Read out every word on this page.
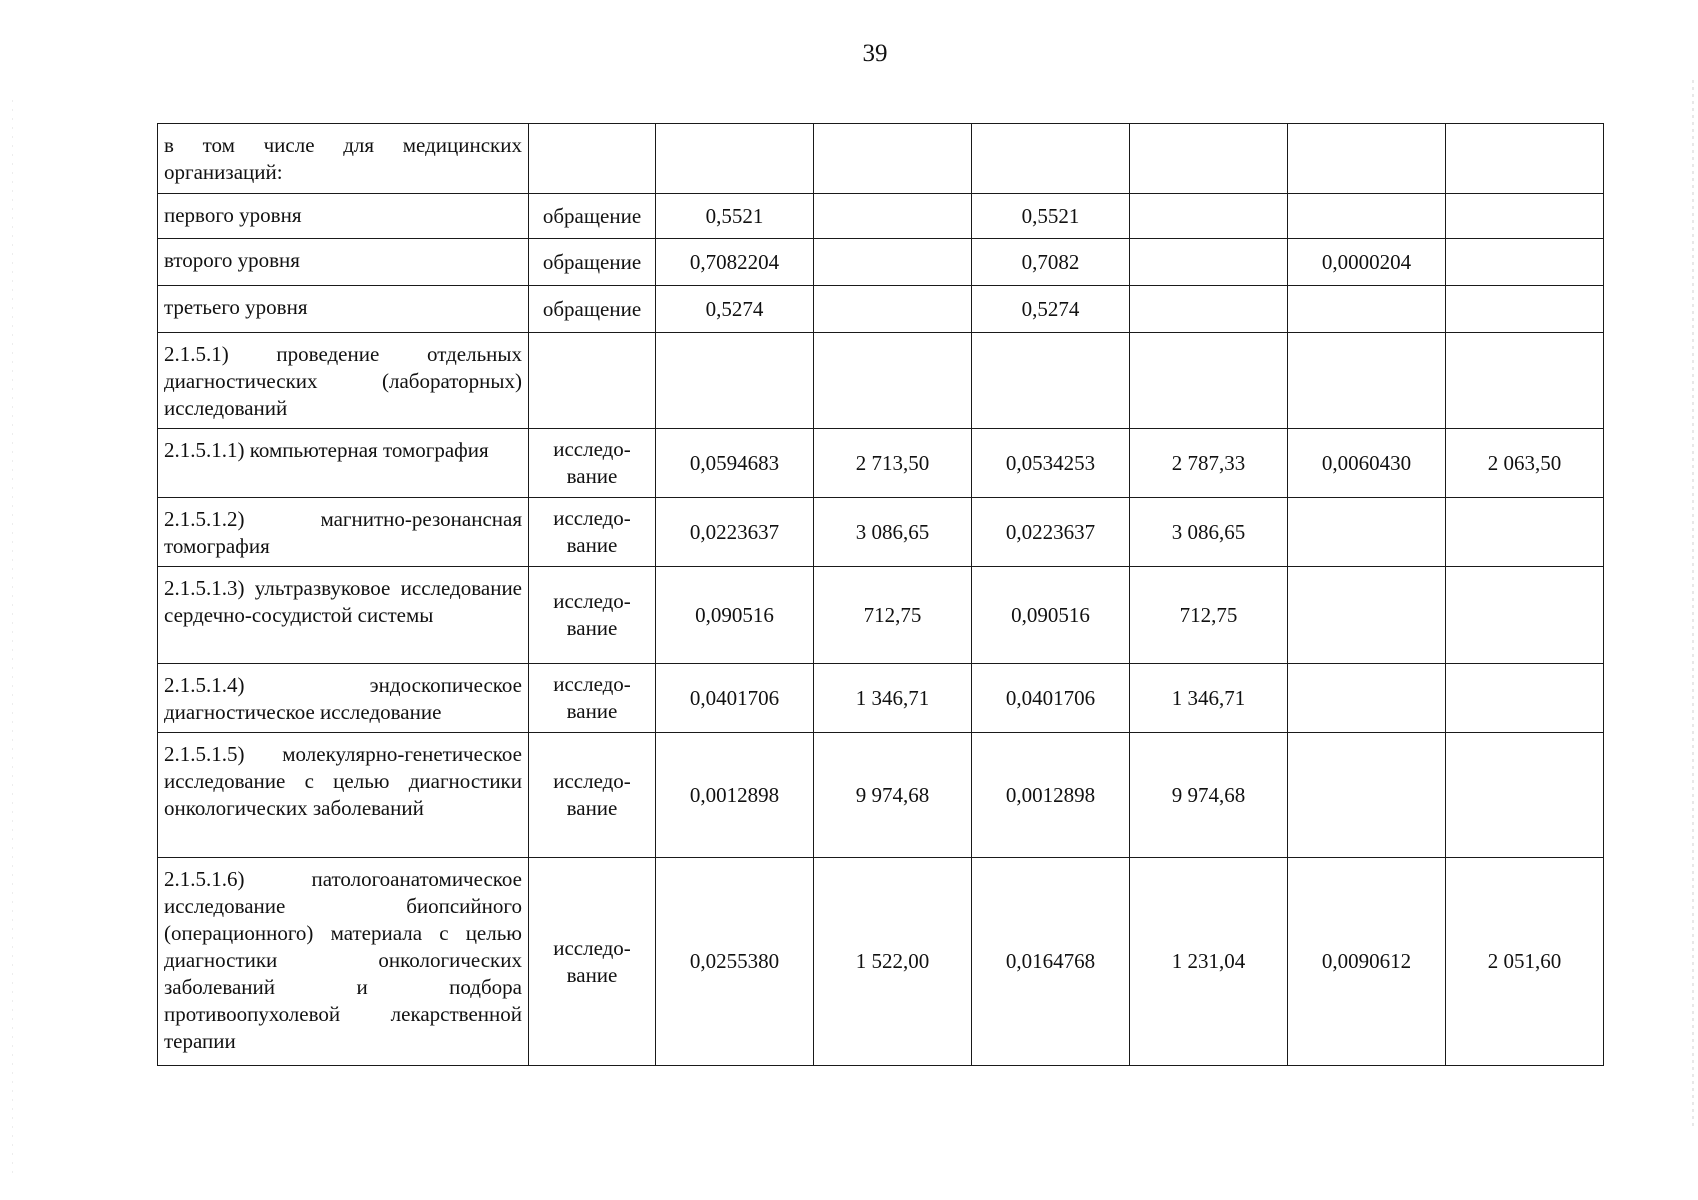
39
в том числе для медицинских организаций:							

первого уровня	обращение	0,5521		0,5521			

второго уровня	обращение	0,7082204		0,7082		0,0000204	

третьего уровня	обращение	0,5274		0,5274			

2.1.5.1) проведение отдельных диагностических (лабораторных) исследований							

2.1.5.1.1) компьютерная томография	исследо-вание	0,0594683	2 713,50	0,0534253	2 787,33	0,0060430	2 063,50

2.1.5.1.2) магнитно-резонансная томография	исследо-вание	0,0223637	3 086,65	0,0223637	3 086,65		

2.1.5.1.3) ультразвуковое исследование сердечно-сосудистой системы	исследо-вание	0,090516	712,75	0,090516	712,75		

2.1.5.1.4) эндоскопическое диагностическое исследование	исследо-вание	0,0401706	1 346,71	0,0401706	1 346,71		

2.1.5.1.5) молекулярно-генетическое исследование с целью диагностики онкологических заболеваний	исследо-вание	0,0012898	9 974,68	0,0012898	9 974,68		

2.1.5.1.6) патологоанатомическое исследование биопсийного (операционного) материала с целью диагностики онкологических заболеваний и подбора противоопухолевой лекарственной терапии	исследо-вание	0,0255380	1 522,00	0,0164768	1 231,04	0,0090612	2 051,60
